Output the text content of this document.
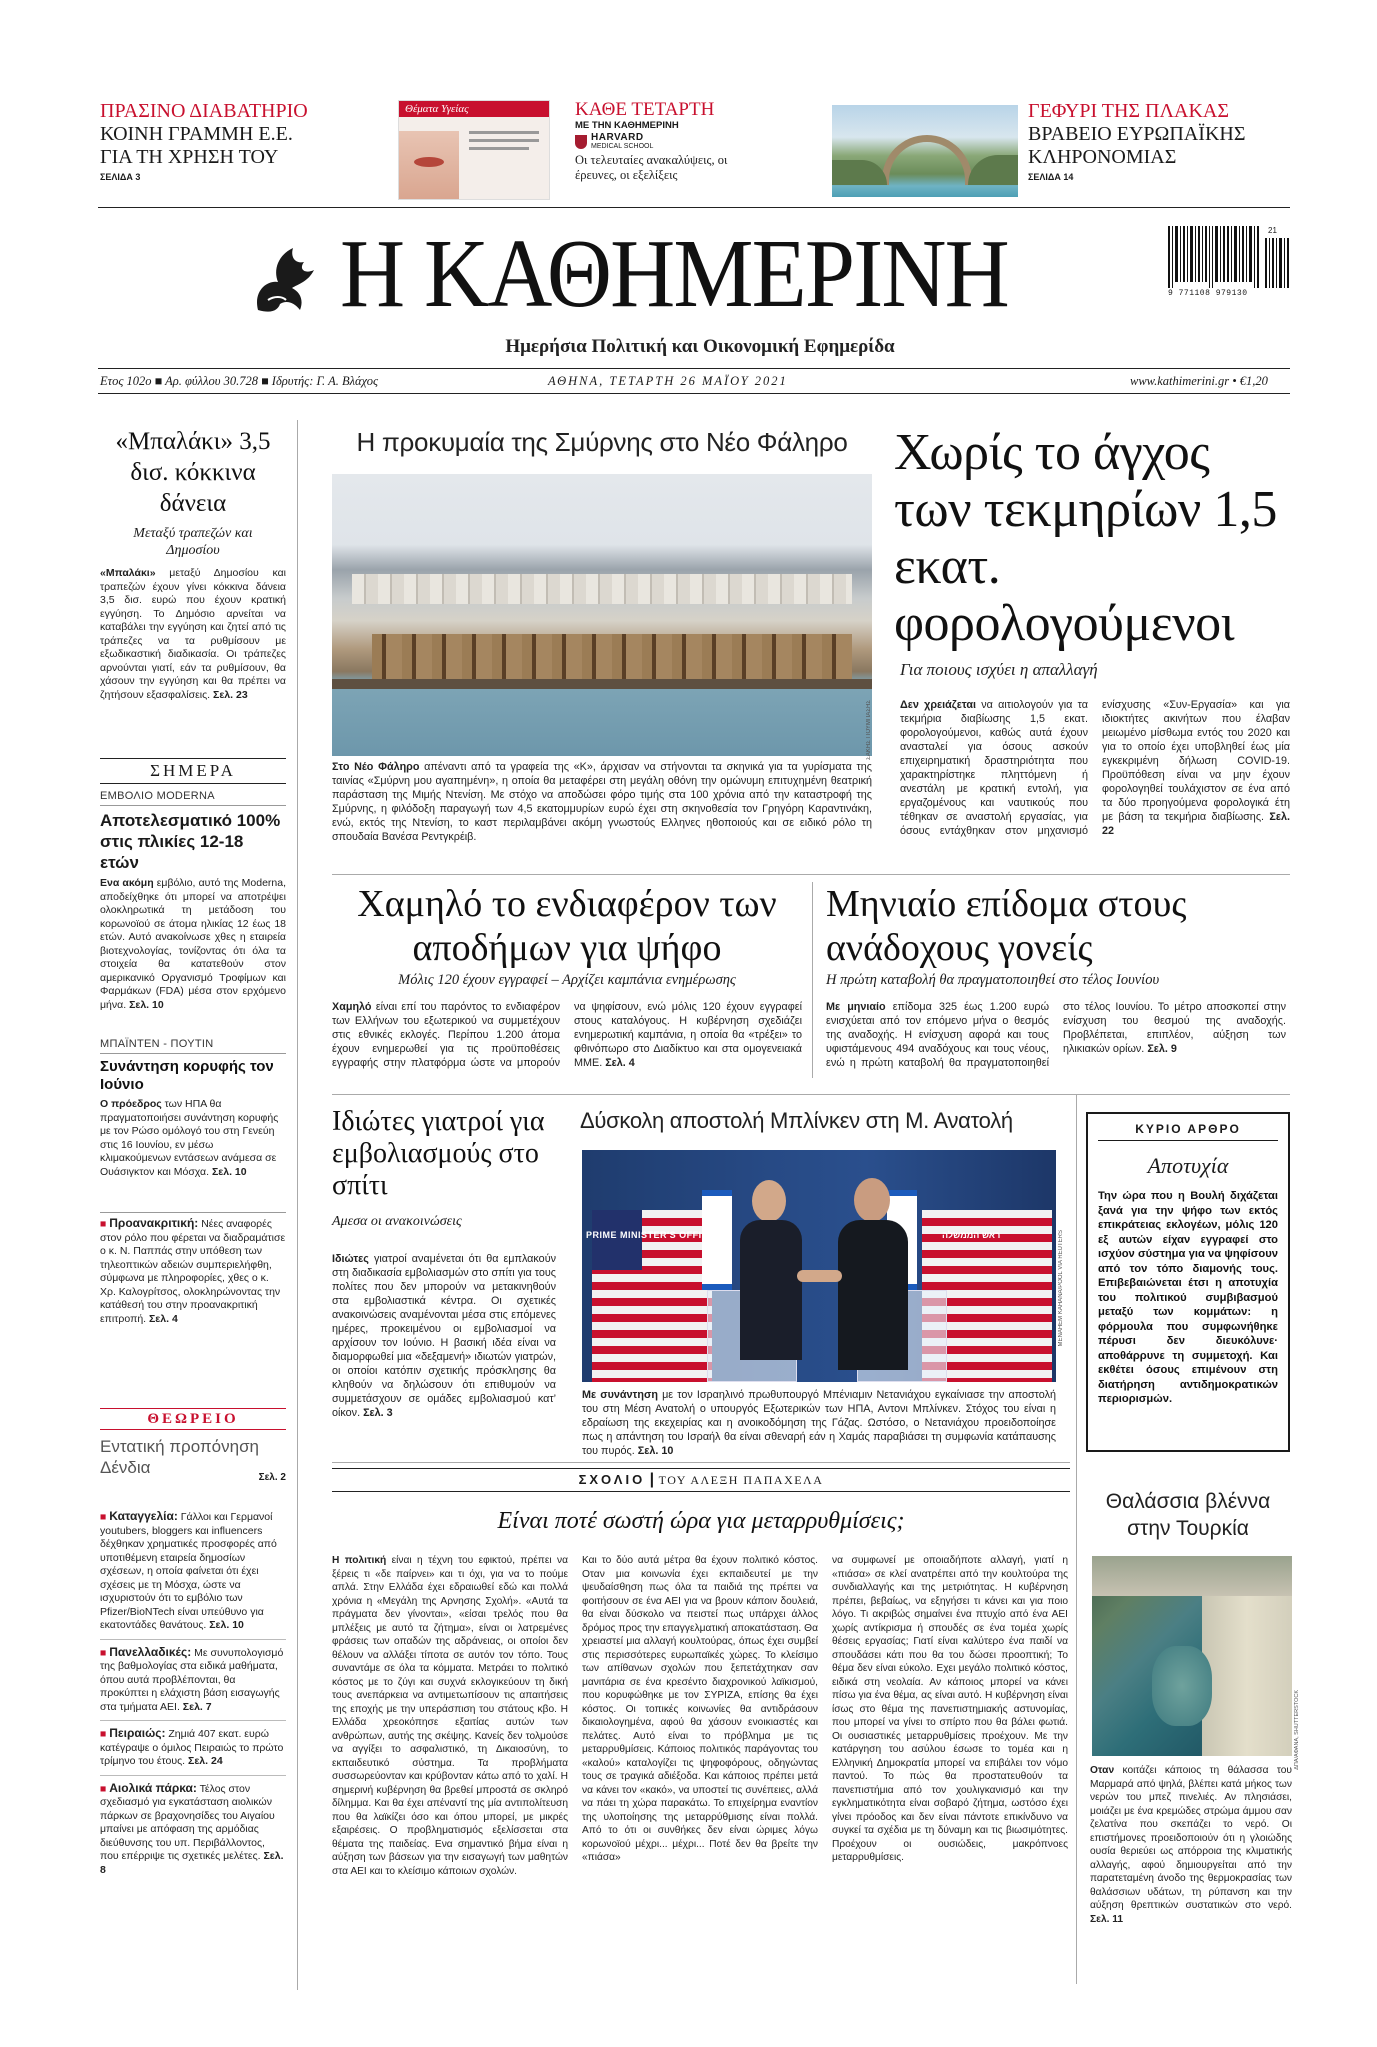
ΠΡΑΣΙΝΟ ΔΙΑΒΑΤΗΡΙΟ
ΚΟΙΝΗ ΓΡΑΜΜΗ Ε.Ε. ΓΙΑ ΤΗ ΧΡΗΣΗ ΤΟΥ
ΣΕΛΙΔΑ 3
Θέματα Υγείας	ΚΑΘΕ ΤΕΤΑΡΤΗ
ΜΕ ΤΗΝ ΚΑΘΗΜΕΡΙΝΗ
HARVARD
MEDICAL SCHOOL
Οι τελευταίες ανακαλύψεις, οι έρευνες, οι εξελίξεις
ΓΕΦΥΡΙ ΤΗΣ ΠΛΑΚΑΣ
ΒΡΑΒΕΙΟ ΕΥΡΩΠΑΪΚΗΣ ΚΛΗΡΟΝΟΜΙΑΣ
ΣΕΛΙΔΑ 14
Η ΚΑΘΗΜΕΡΙΝΗ
Ημερήσια Πολιτική και Οικονομική Εφημερίδα
21
9 771108 979130
Ετος 102ο ■ Αρ. φύλλου 30.728 ■ Ιδρυτής: Γ. Α. Βλάχος	ΑΘΗΝΑ, ΤΕΤΑΡΤΗ 26 ΜΑΪΟΥ 2021	www.kathimerini.gr • €1,20
«Μπαλάκι» 3,5 δισ. κόκκινα δάνεια
Μεταξύ τραπεζών και Δημοσίου
«Μπαλάκι» μεταξύ Δημοσίου και τραπεζών έχουν γίνει κόκκινα δάνεια 3,5 δισ. ευρώ που έχουν κρατική εγγύηση. Το Δημόσιο αρνείται να καταβάλει την εγγύηση και ζητεί από τις τράπεζες να τα ρυθμίσουν με εξωδικαστική διαδικασία. Οι τράπεζες αρνούνται γιατί, εάν τα ρυθμίσουν, θα χάσουν την εγγύηση και θα πρέπει να ζητήσουν εξασφαλίσεις. Σελ. 23
ΣΗΜΕΡΑ
ΕΜΒΟΛΙΟ MODERNA
Αποτελεσματικό 100% στις πλικίες 12-18 ετών
Ενα ακόμη εμβόλιο, αυτό της Moderna, αποδείχθηκε ότι μπορεί να αποτρέψει ολοκληρωτικά τη μετάδοση του κορωνοϊού σε άτομα ηλικίας 12 έως 18 ετών. Αυτό ανακοίνωσε χθες η εταιρεία βιοτεχνολογίας, τονίζοντας ότι όλα τα στοιχεία θα κατατεθούν στον αμερικανικό Οργανισμό Τροφίμων και Φαρμάκων (FDA) μέσα στον ερχόμενο μήνα. Σελ. 10
ΜΠΑΪΝΤΕΝ - ΠΟΥΤΙΝ
Συνάντηση κορυφής τον Ιούνιο
Ο πρόεδρος των ΗΠΑ θα πραγματοποιήσει συνάντηση κορυφής με τον Ρώσο ομόλογό του στη Γενεύη στις 16 Ιουνίου, εν μέσω κλιμακούμενων εντάσεων ανάμεσα σε Ουάσιγκτον και Μόσχα. Σελ. 10
■ Προανακριτική: Νέες αναφορές στον ρόλο που φέρεται να διαδραμάτισε ο κ. Ν. Παππάς στην υπόθεση των τηλεοπτικών αδειών συμπεριελήφθη, σύμφωνα με πληροφορίες, χθες ο κ. Χρ. Καλογρίτσος, ολοκληρώνοντας την κατάθεσή του στην προανακριτική επιτροπή. Σελ. 4
ΘΕΩΡΕΙΟ
Εντατική προπόνηση Δένδια
Σελ. 2
■ Καταγγελία: Γάλλοι και Γερμανοί youtubers, bloggers και influencers δέχθηκαν χρηματικές προσφορές από υποτιθέμενη εταιρεία δημοσίων σχέσεων, η οποία φαίνεται ότι έχει σχέσεις με τη Μόσχα, ώστε να ισχυριστούν ότι το εμβόλιο των Pfizer/BioNTech είναι υπεύθυνο για εκατοντάδες θανάτους. Σελ. 10
■ Πανελλαδικές: Με συνυπολογισμό της βαθμολογίας στα ειδικά μαθήματα, όπου αυτά προβλέπονται, θα προκύπτει η ελάχιστη βάση εισαγωγής στα τμήματα ΑΕΙ. Σελ. 7
■ Πειραιώς: Ζημιά 407 εκατ. ευρώ κατέγραψε ο όμιλος Πειραιώς το πρώτο τρίμηνο του έτους. Σελ. 24
■ Αιολικά πάρκα: Τέλος στον σχεδιασμό για εγκατάσταση αιολικών πάρκων σε βραχονησίδες του Αιγαίου μπαίνει με απόφαση της αρμόδιας διεύθυνσης του υπ. Περιβάλλοντος, που επέρριψε τις σχετικές μελέτες. Σελ. 8
Η προκυμαία της Σμύρνης στο Νέο Φάληρο
ΣΑΚΗΣ ΓΙΟΥΜΠΑΣΗΣ
Στο Νέο Φάληρο απέναντι από τα γραφεία της «Κ», άρχισαν να στήνονται τα σκηνικά για τα γυρίσματα της ταινίας «Σμύρνη μου αγαπημένη», η οποία θα μεταφέρει στη μεγάλη οθόνη την ομώνυμη επιτυχημένη θεατρική παράσταση της Μιμής Ντενίση. Με στόχο να αποδώσει φόρο τιμής στα 100 χρόνια από την καταστροφή της Σμύρνης, η φιλόδοξη παραγωγή των 4,5 εκατομμυρίων ευρώ έχει στη σκηνοθεσία τον Γρηγόρη Καραντινάκη, ενώ, εκτός της Ντενίση, το καστ περιλαμβάνει ακόμη γνωστούς Ελληνες ηθοποιούς και σε ειδικό ρόλο τη σπουδαία Βανέσα Ρεντγκρέιβ.
Χωρίς το άγχος των τεκμηρίων 1,5 εκατ. φορολογούμενοι
Για ποιους ισχύει η απαλλαγή
Δεν χρειάζεται να αιτιολογούν για τα τεκμήρια διαβίωσης 1,5 εκατ. φορολογούμενοι, καθώς αυτά έχουν ανασταλεί για όσους ασκούν επιχειρηματική δραστηριότητα που χαρακτηρίστηκε πληττόμενη ή ανεστάλη με κρατική εντολή, για εργαζομένους και ναυτικούς που τέθηκαν σε αναστολή εργασίας, για όσους εντάχθηκαν στον μηχανισμό ενίσχυσης «Συν-Εργασία» και για ιδιοκτήτες ακινήτων που έλαβαν μειωμένο μίσθωμα εντός του 2020 και για το οποίο έχει υποβληθεί έως μία εγκεκριμένη δήλωση COVID-19. Προϋπόθεση είναι να μην έχουν φορολογηθεί τουλάχιστον σε ένα από τα δύο προηγούμενα φορολογικά έτη με βάση τα τεκμήρια διαβίωσης. Σελ. 22
Χαμηλό το ενδιαφέρον των αποδήμων για ψήφο
Μόλις 120 έχουν εγγραφεί – Αρχίζει καμπάνια ενημέρωσης
Χαμηλό είναι επί του παρόντος το ενδιαφέρον των Ελλήνων του εξωτερικού να συμμετέχουν στις εθνικές εκλογές. Περίπου 1.200 άτομα έχουν ενημερωθεί για τις προϋποθέσεις εγγραφής στην πλατφόρμα ώστε να μπορούν να ψηφίσουν, ενώ μόλις 120 έχουν εγγραφεί στους καταλόγους. Η κυβέρνηση σχεδιάζει ενημερωτική καμπάνια, η οποία θα «τρέξει» το φθινόπωρο στο Διαδίκτυο και στα ομογενειακά ΜΜΕ. Σελ. 4
Μηνιαίο επίδομα στους ανάδοχους γονείς
Η πρώτη καταβολή θα πραγματοποιηθεί στο τέλος Ιουνίου
Με μηνιαίο επίδομα 325 έως 1.200 ευρώ ενισχύεται από τον επόμενο μήνα ο θεσμός της αναδοχής. Η ενίσχυση αφορά και τους υφιστάμενους 494 αναδόχους και τους νέους, ενώ η πρώτη καταβολή θα πραγματοποιηθεί στο τέλος Ιουνίου. Το μέτρο αποσκοπεί στην ενίσχυση του θεσμού της αναδοχής. Προβλέπεται, επιπλέον, αύξηση των ηλικιακών ορίων. Σελ. 9
Ιδιώτες γιατροί για εμβολιασμούς στο σπίτι
Αμεσα οι ανακοινώσεις
Ιδιώτες γιατροί αναμένεται ότι θα εμπλακούν στη διαδικασία εμβολιασμών στο σπίτι για τους πολίτες που δεν μπορούν να μετακινηθούν στα εμβολιαστικά κέντρα. Οι σχετικές ανακοινώσεις αναμένονται μέσα στις επόμενες ημέρες, προκειμένου οι εμβολιασμοί να αρχίσουν τον Ιούνιο. Η βασική ιδέα είναι να διαμορφωθεί μια «δεξαμενή» ιδιωτών γιατρών, οι οποίοι κατόπιν σχετικής πρόσκλησης θα κληθούν να δηλώσουν ότι επιθυμούν να συμμετάσχουν σε ομάδες εμβολιασμού κατ’ οίκον. Σελ. 3
Δύσκολη αποστολή Μπλίνκεν στη Μ. Ανατολή
PRIME MINISTER'S OFFICE	ראש הממשלה	MENAHEM KAHANA/POOL VIA REUTERS
Με συνάντηση με τον Ισραηλινό πρωθυπουργό Μπένιαμιν Νετανιάχου εγκαίνιασε την αποστολή του στη Μέση Ανατολή ο υπουργός Εξωτερικών των ΗΠΑ, Αντονι Μπλίνκεν. Στόχος του είναι η εδραίωση της εκεχειρίας και η ανοικοδόμηση της Γάζας. Ωστόσο, ο Νετανιάχου προειδοποίησε πως η απάντηση του Ισραήλ θα είναι σθεναρή εάν η Χαμάς παραβιάσει τη συμφωνία κατάπαυσης του πυρός. Σελ. 10
ΚΥΡΙΟ ΑΡΘΡΟ
Αποτυχία
Την ώρα που η Βουλή διχάζεται ξανά για την ψήφο των εκτός επικράτειας εκλογέων, μόλις 120 εξ αυτών είχαν εγγραφεί στο ισχύον σύστημα για να ψηφίσουν από τον τόπο διαμονής τους. Επιβεβαιώνεται έτσι η αποτυχία του πολιτικού συμβιβασμού μεταξύ των κομμάτων: η φόρμουλα που συμφωνήθηκε πέρυσι δεν διευκόλυνε· αποθάρρυνε τη συμμετοχή. Και εκθέτει όσους επιμένουν στη διατήρηση αντιδημοκρατικών περιορισμών.
ΣΧΟΛΙΟ | ΤΟΥ ΑΛΕΞΗ ΠΑΠΑΧΕΛΑ
Είναι ποτέ σωστή ώρα για μεταρρυθμίσεις;
Η πολιτική είναι η τέχνη του εφικτού, πρέπει να ξέρεις τι «δε παίρνει» και τι όχι, για να το πούμε απλά. Στην Ελλάδα έχει εδραιωθεί εδώ και πολλά χρόνια η «Μεγάλη της Αρνησης Σχολή». «Αυτά τα πράγματα δεν γίνονται», «είσαι τρελός που θα μπλέξεις με αυτό τα ζήτημα», είναι οι λατρεμένες φράσεις των οπαδών της αδράνειας, οι οποίοι δεν θέλουν να αλλάξει τίποτα σε αυτόν τον τόπο. Τους συναντάμε σε όλα τα κόμματα. Μετράει το πολιτικό κόστος με το ζύγι και συχνά εκλογικεύουν τη δική τους ανεπάρκεια να αντιμετωπίσουν τις απαιτήσεις της εποχής με την υπεράσπιση του στάτους κβο. Η Ελλάδα χρεοκόπησε εξαιτίας αυτών των ανθρώπων, αυτής της σκέψης. Κανείς δεν τολμούσε να αγγίξει το ασφαλιστικό, τη Δικαιοσύνη, το εκπαιδευτικό σύστημα. Τα προβλήματα συσσωρεύονταν και κρύβονταν κάτω από το χαλί. Η σημερινή κυβέρνηση θα βρεθεί μπροστά σε σκληρό δίλημμα. Και θα έχει απέναντί της μία αντιπολίτευση που θα λαϊκίζει όσο και όπου μπορεί, με μικρές εξαιρέσεις. Ο προβληματισμός εξελίσσεται στα θέματα της παιδείας. Ενα σημαντικό βήμα είναι η αύξηση των βάσεων για την εισαγωγή των μαθητών στα ΑΕΙ και το κλείσιμο κάποιων σχολών.
Και το δύο αυτά μέτρα θα έχουν πολιτικό κόστος. Οταν μια κοινωνία έχει εκπαιδευτεί με την ψευδαίσθηση πως όλα τα παιδιά της πρέπει να φοιτήσουν σε ένα ΑΕΙ για να βρουν κάποιν δουλειά, θα είναι δύσκολο να πειστεί πως υπάρχει άλλος δρόμος προς την επαγγελματική αποκατάσταση. Θα χρειαστεί μια αλλαγή κουλτούρας, όπως έχει συμβεί στις περισσότερες ευρωπαϊκές χώρες. Το κλείσιμο των απίθανων σχολών που ξεπετάχτηκαν σαν μανιτάρια σε ένα κρεσέντο διαχρονικού λαϊκισμού, που κορυφώθηκε με τον ΣΥΡΙΖΑ, επίσης θα έχει κόστος. Οι τοπικές κοινωνίες θα αντιδράσουν δικαιολογημένα, αφού θα χάσουν ενοικιαστές και πελάτες. Αυτό είναι το πρόβλημα με τις μεταρρυθμίσεις. Κάποιος πολιτικός παράγοντας του «καλού» καταλογίζει τις ψηφοφόρους, οδηγώντας τους σε τραγικά αδιέξοδα. Και κάποιος πρέπει μετά να κάνει τον «κακό», να υποστεί τις συνέπειες, αλλά να πάει τη χώρα παρακάτω. Το επιχείρημα εναντίον της υλοποίησης της μεταρρύθμισης είναι πολλά. Από το ότι οι συνθήκες δεν είναι ώριμες λόγω κορωνοϊού μέχρι... μέχρι... Ποτέ δεν θα βρείτε την «πιάσα»
να συμφωνεί με οποιαδήποτε αλλαγή, γιατί η «πιάσα» σε κλεί ανατρέπει από την κουλτούρα της συνδιαλλαγής και της μετριότητας. Η κυβέρνηση πρέπει, βεβαίως, να εξηγήσει τι κάνει και για ποιο λόγο. Τι ακριβώς σημαίνει ένα πτυχίο από ένα ΑΕΙ χωρίς αντίκρισμα ή σπουδές σε ένα τομέα χωρίς θέσεις εργασίας; Γιατί είναι καλύτερο ένα παιδί να σπουδάσει κάτι που θα του δώσει προοπτική; Το θέμα δεν είναι εύκολο. Εχει μεγάλο πολιτικό κόστος, ειδικά στη νεολαία. Αν κάποιος μπορεί να κάνει πίσω για ένα θέμα, ας είναι αυτό. Η κυβέρνηση είναι ίσως στο θέμα της πανεπιστημιακής αστυνομίας, που μπορεί να γίνει το σπίρτο που θα βάλει φωτιά. Οι ουσιαστικές μεταρρυθμίσεις προέχουν. Με την κατάργηση του ασύλου έσωσε το τομέα και η Ελληνική Δημοκρατία μπορεί να επιβάλει τον νόμο παντού. Το πώς θα προστατευθούν τα πανεπιστήμια από τον χουλιγκανισμό και την εγκληματικότητα είναι σοβαρό ζήτημα, ωστόσο έχει γίνει πρόοδος και δεν είναι πάντοτε επικίνδυνο να συγκεί τα σχέδια με τη δύναμη και τις βιωσιμότητες. Προέχουν οι ουσιώδεις, μακρόπνοες μεταρρυθμίσεις.
Θαλάσσια βλέννα στην Τουρκία
ΔΠΑ/ΑΦΑΝΑ, SHUTTERSTOCK
Οταν κοιτάζει κάποιος τη θάλασσα του Μαρμαρά από ψηλά, βλέπει κατά μήκος των νερών του μπεζ πινελιές. Αν πλησιάσει, μοιάζει με ένα κρεμώδες στρώμα άμμου σαν ζελατίνα που σκεπάζει το νερό. Οι επιστήμονες προειδοποιούν ότι η γλοιώδης ουσία θεριεύει ως απόρροια της κλιματικής αλλαγής, αφού δημιουργείται από την παρατεταμένη άνοδο της θερμοκρασίας των θαλάσσιων υδάτων, τη ρύπανση και την αύξηση θρεπτικών συστατικών στο νερό. Σελ. 11
